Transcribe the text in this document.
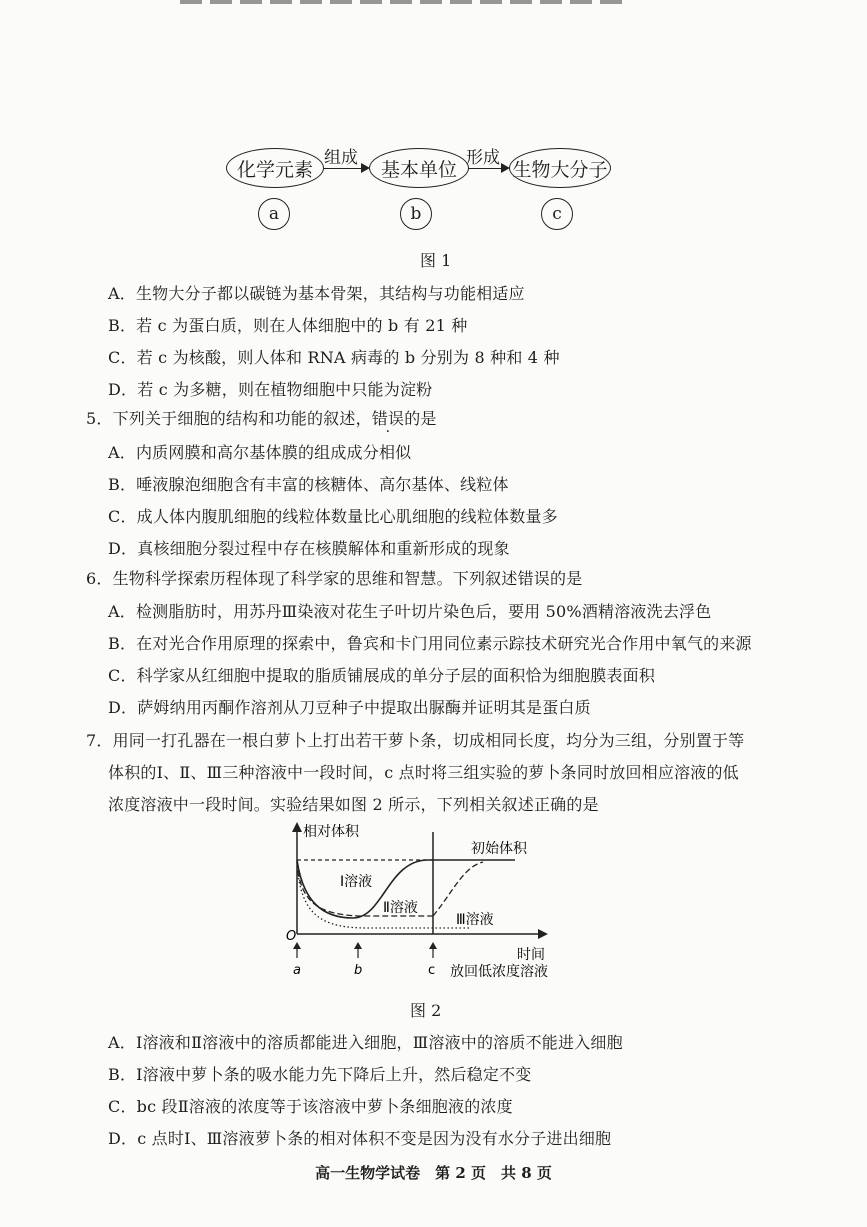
化学元素
组成
基本单位
形成
生物大分子
a	b	c
图 1
A．生物大分子都以碳链为基本骨架，其结构与功能相适应
B．若 c 为蛋白质，则在人体细胞中的 b 有 21 种
C．若 c 为核酸，则人体和 RNA 病毒的 b 分别为 8 种和 4 种
D．若 c 为多糖，则在植物细胞中只能为淀粉
5．下列关于细胞的结构和功能的叙述，错误的是
A．内质网膜和高尔基体膜的组成成分相似
B．唾液腺泡细胞含有丰富的核糖体、高尔基体、线粒体
C．成人体内腹肌细胞的线粒体数量比心肌细胞的线粒体数量多
D．真核细胞分裂过程中存在核膜解体和重新形成的现象
6．生物科学探索历程体现了科学家的思维和智慧。下列叙述错误的是
A．检测脂肪时，用苏丹Ⅲ染液对花生子叶切片染色后，要用 50%酒精溶液洗去浮色
B．在对光合作用原理的探索中，鲁宾和卡门用同位素示踪技术研究光合作用中氧气的来源
C．科学家从红细胞中提取的脂质铺展成的单分子层的面积恰为细胞膜表面积
D．萨姆纳用丙酮作溶剂从刀豆种子中提取出脲酶并证明其是蛋白质
7．用同一打孔器在一根白萝卜上打出若干萝卜条，切成相同长度，均分为三组，分别置于等
体积的Ⅰ、Ⅱ、Ⅲ三种溶液中一段时间，c 点时将三组实验的萝卜条同时放回相应溶液的低
浓度溶液中一段时间。实验结果如图 2 所示，下列相关叙述正确的是
相对体积
O
时间
初始体积
Ⅰ溶液
Ⅱ溶液
Ⅲ溶液
a	b	c 放回低浓度溶液
图 2
A．Ⅰ溶液和Ⅱ溶液中的溶质都能进入细胞，Ⅲ溶液中的溶质不能进入细胞
B．Ⅰ溶液中萝卜条的吸水能力先下降后上升，然后稳定不变
C．bc 段Ⅱ溶液的浓度等于该溶液中萝卜条细胞液的浓度
D．c 点时Ⅰ、Ⅲ溶液萝卜条的相对体积不变是因为没有水分子进出细胞
高一生物学试卷　第 2 页　共 8 页
